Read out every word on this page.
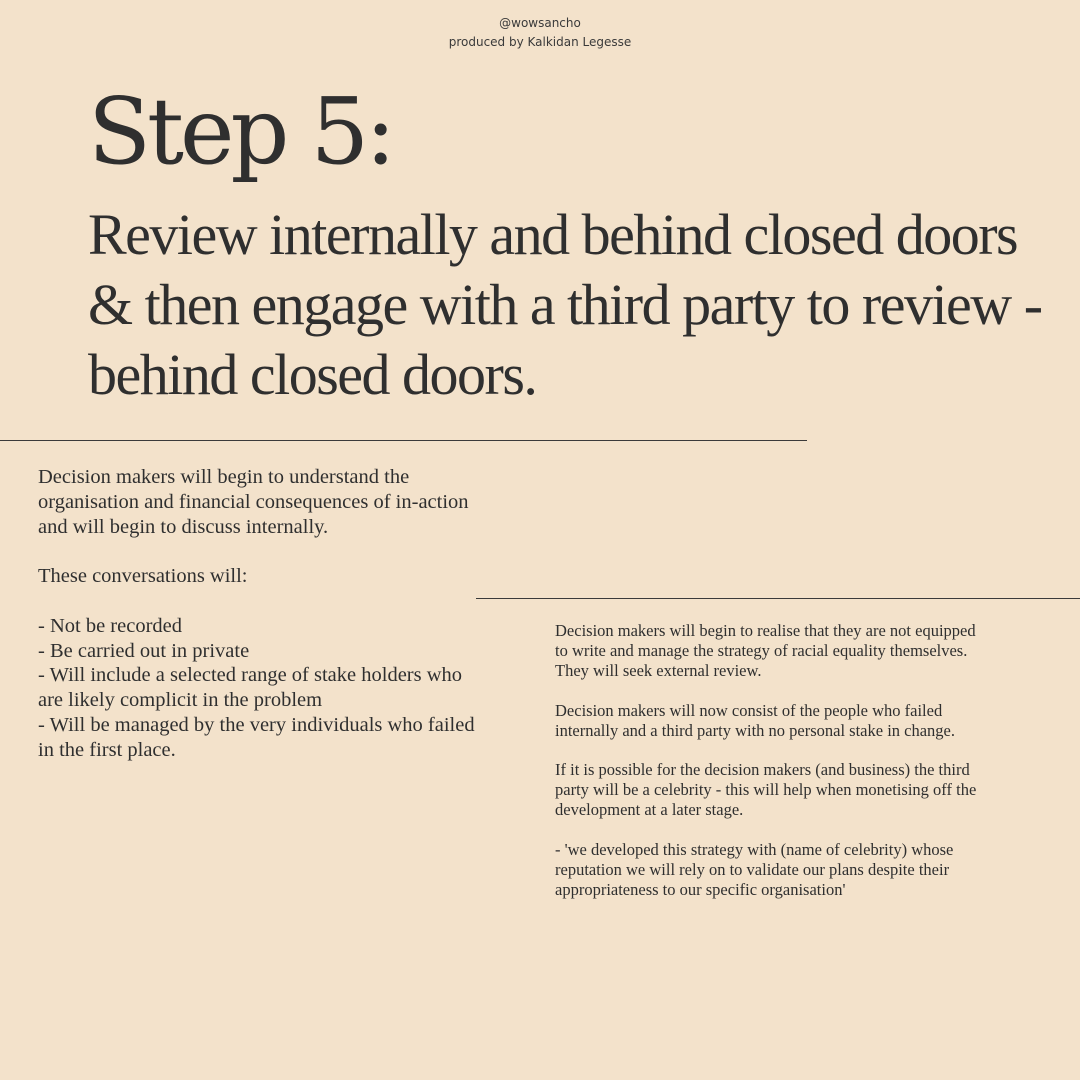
@wowsancho
produced by Kalkidan Legesse
Step 5:
Review internally and behind closed doors & then engage with a third party to review - behind closed doors.

Decision makers will begin to understand the organisation and financial consequences of in-action and will begin to discuss internally.

These conversations will:

- Not be recorded

- Be carried out in private

- Will include a selected range of stake holders who are likely complicit in the problem

- Will be managed by the very individuals who failed in the first place.

Decision makers will begin to realise that they are not equipped to write and manage the strategy of racial equality themselves. They will seek external review.

Decision makers will now consist of the people who failed internally and a third party with no personal stake in change.

If it is possible for the decision makers (and business) the third party will be a celebrity - this will help when monetising off the development at a later stage.

- 'we developed this strategy with (name of celebrity) whose reputation we will rely on to validate our plans despite their appropriateness to our specific organisation'
